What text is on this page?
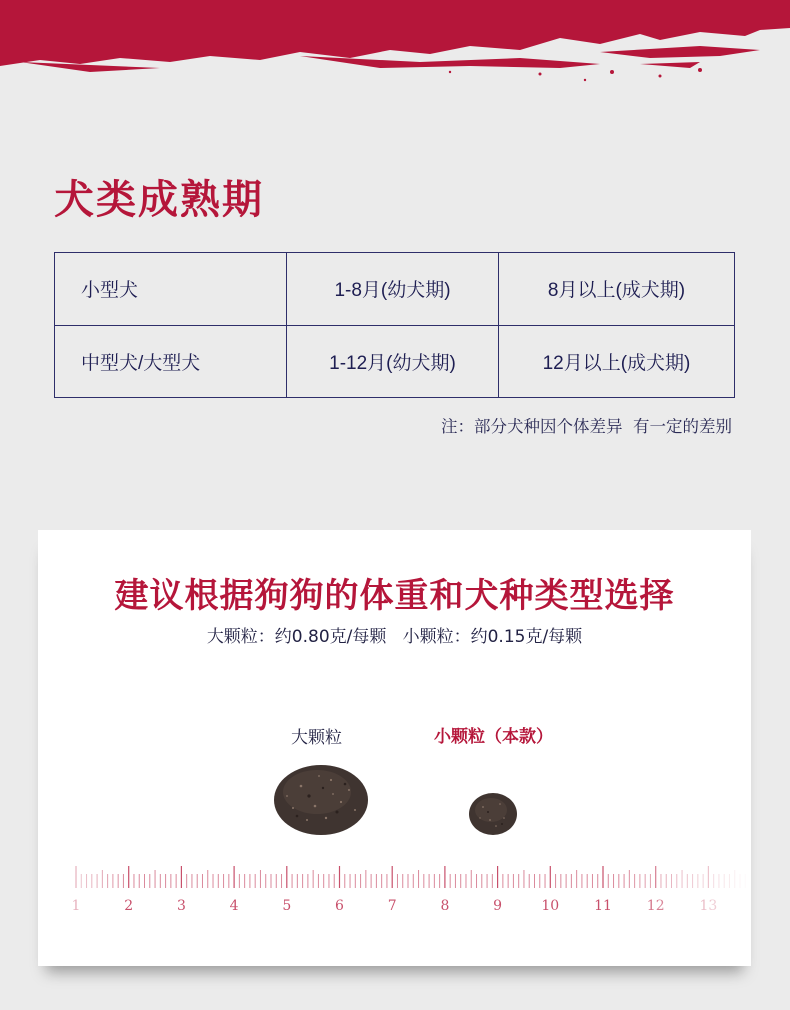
犬类成熟期
小型犬	1-8月(幼犬期)	8月以上(成犬期)
中型犬/大型犬	1-12月(幼犬期)	12月以上(成犬期)

注：部分犬种因个体差异  有一定的差别

建议根据狗狗的体重和犬种类型选择

大颗粒：约0.80克/每颗   小颗粒：约0.15克/每颗

大颗粒	小颗粒（本款）
